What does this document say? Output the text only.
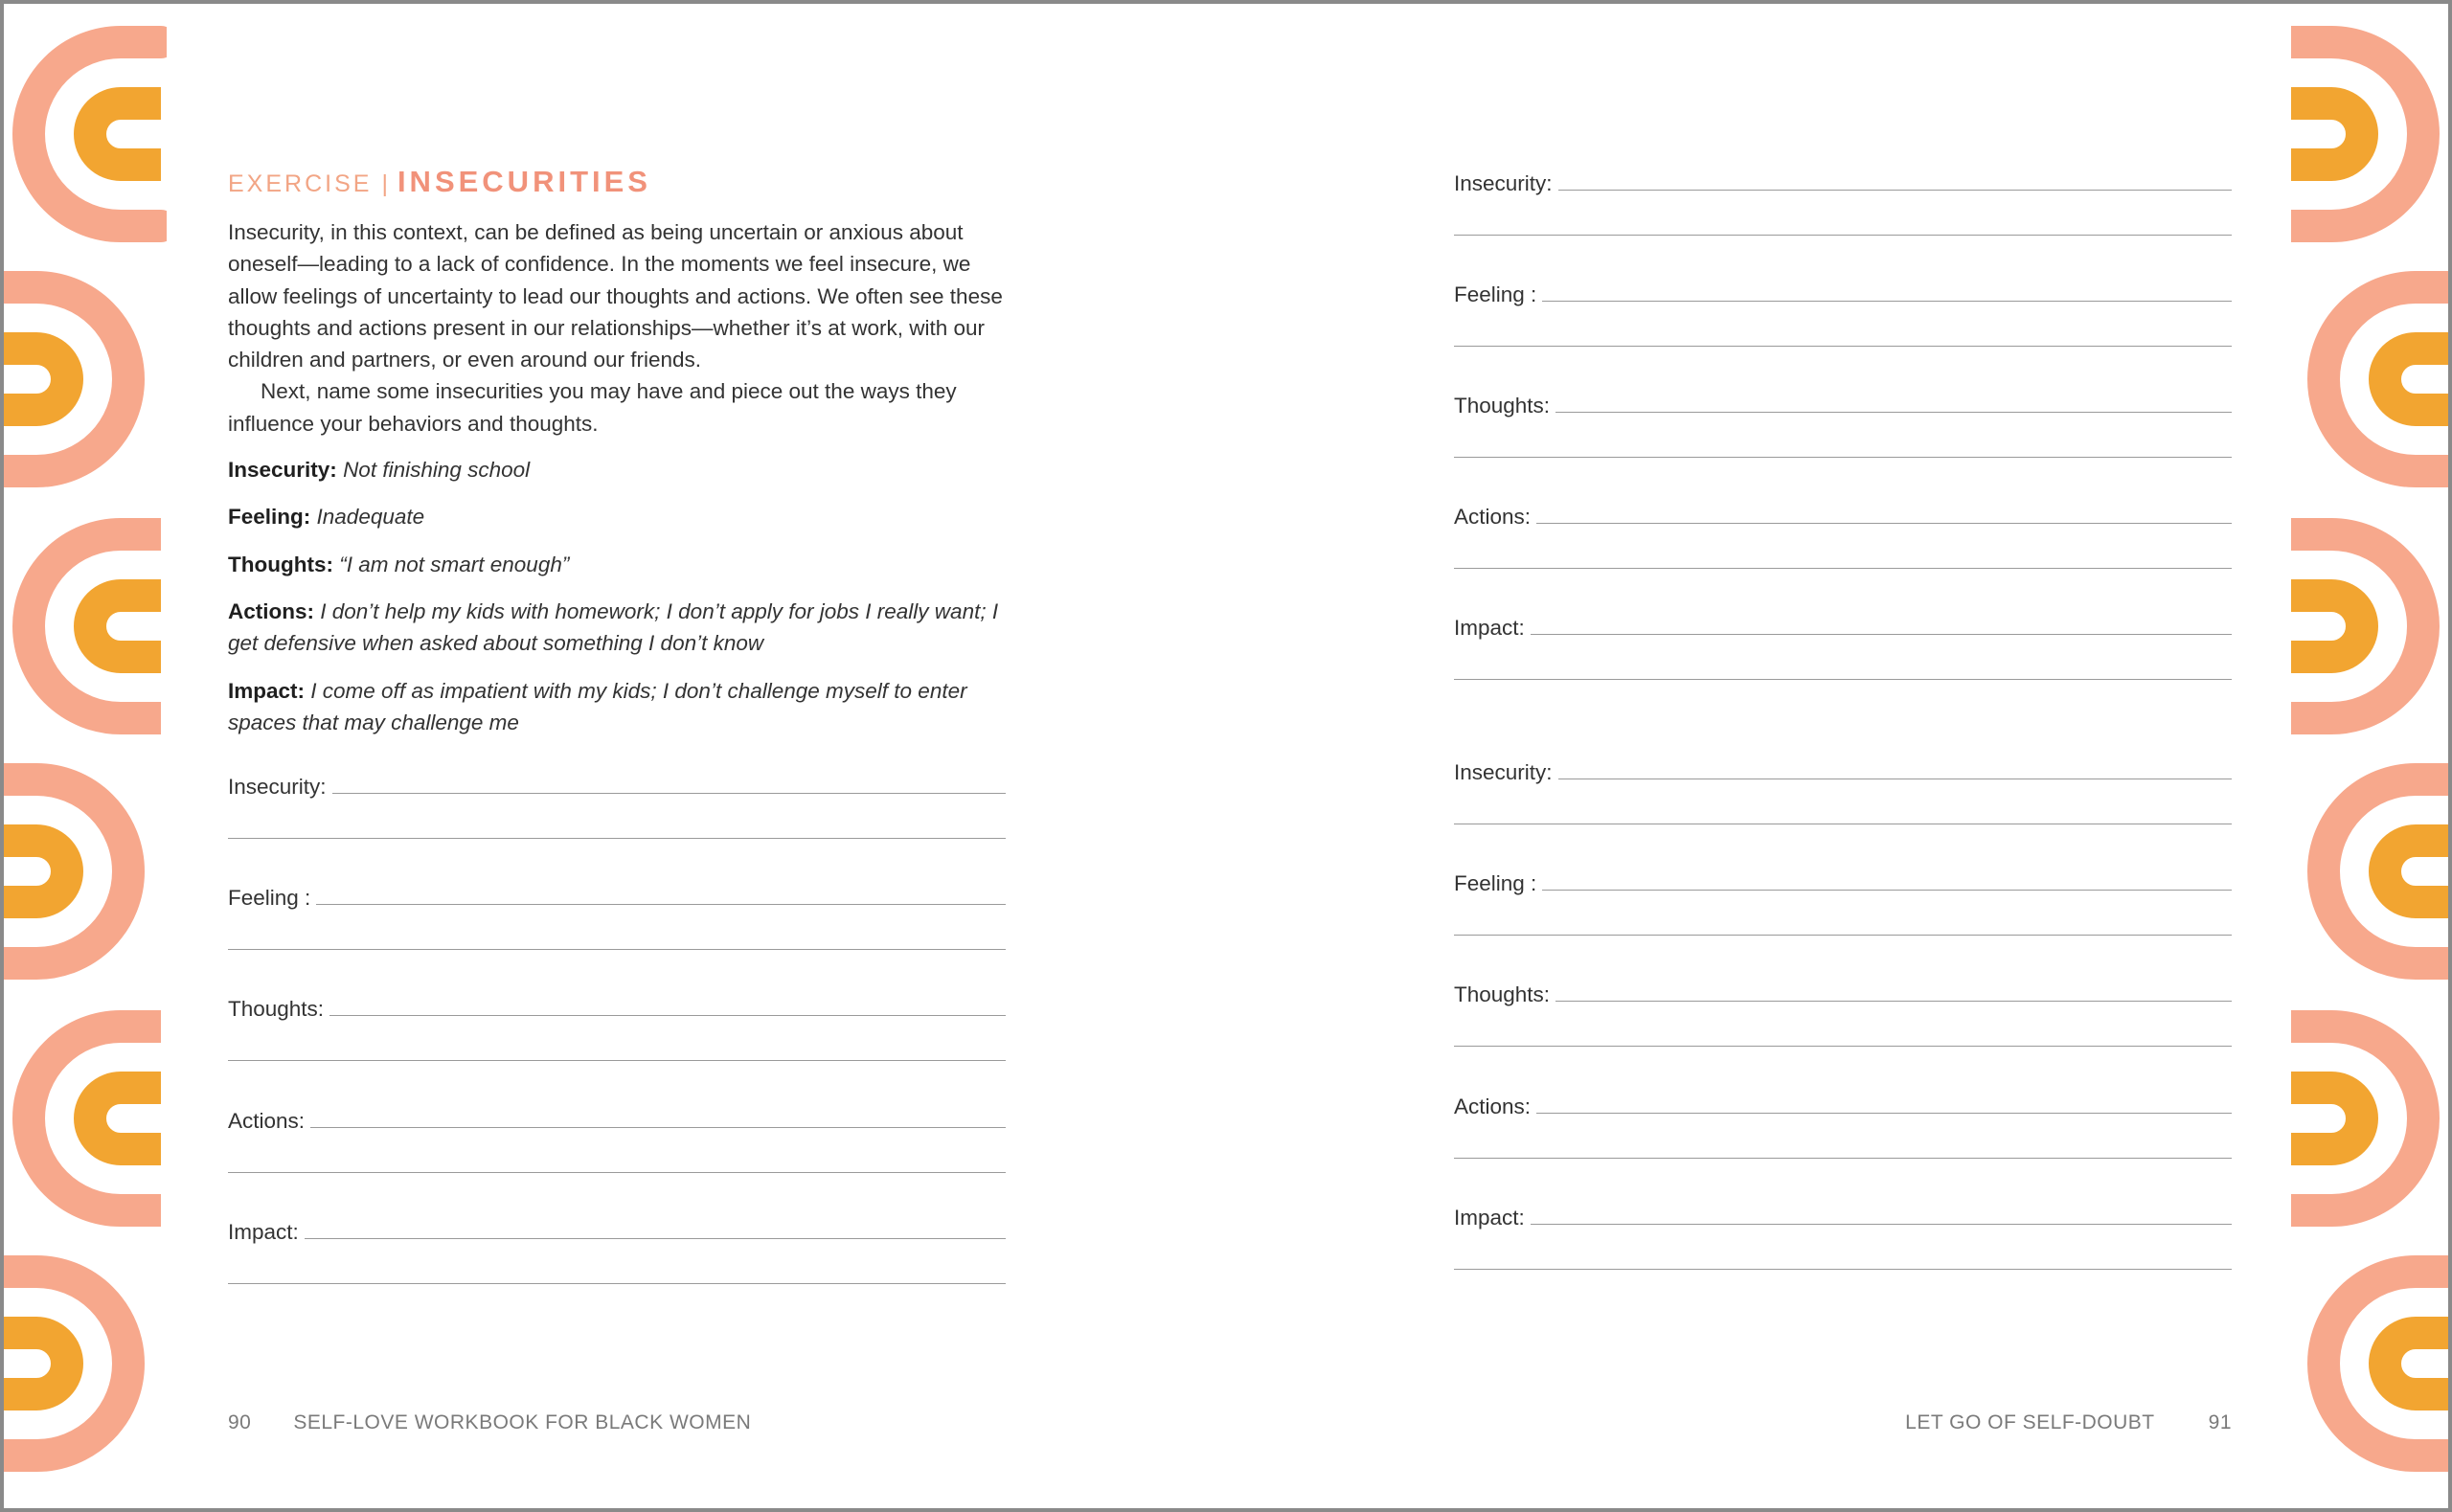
EXERCISE | INSECURITIES

Insecurity, in this context, can be defined as being uncertain or anxious about oneself—leading to a lack of confidence. In the moments we feel insecure, we allow feelings of uncertainty to lead our thoughts and actions. We often see these thoughts and actions present in our relationships—whether it’s at work, with our children and partners, or even around our friends.

Next, name some insecurities you may have and piece out the ways they influence your behaviors and thoughts.

Insecurity: Not finishing school
Feeling: Inadequate
Thoughts: “I am not smart enough”
Actions: I don’t help my kids with homework; I don’t apply for jobs I really want; I get defensive when asked about something I don’t know
Impact: I come off as impatient with my kids; I don’t challenge myself to enter spaces that may challenge me
Insecurity:
Feeling :
Thoughts:
Actions:
Impact:
90 SELF-LOVE WORKBOOK FOR BLACK WOMEN
Insecurity:
Feeling :
Thoughts:
Actions:
Impact:
Insecurity:
Feeling :
Thoughts:
Actions:
Impact:
LET GO OF SELF-DOUBT	91
